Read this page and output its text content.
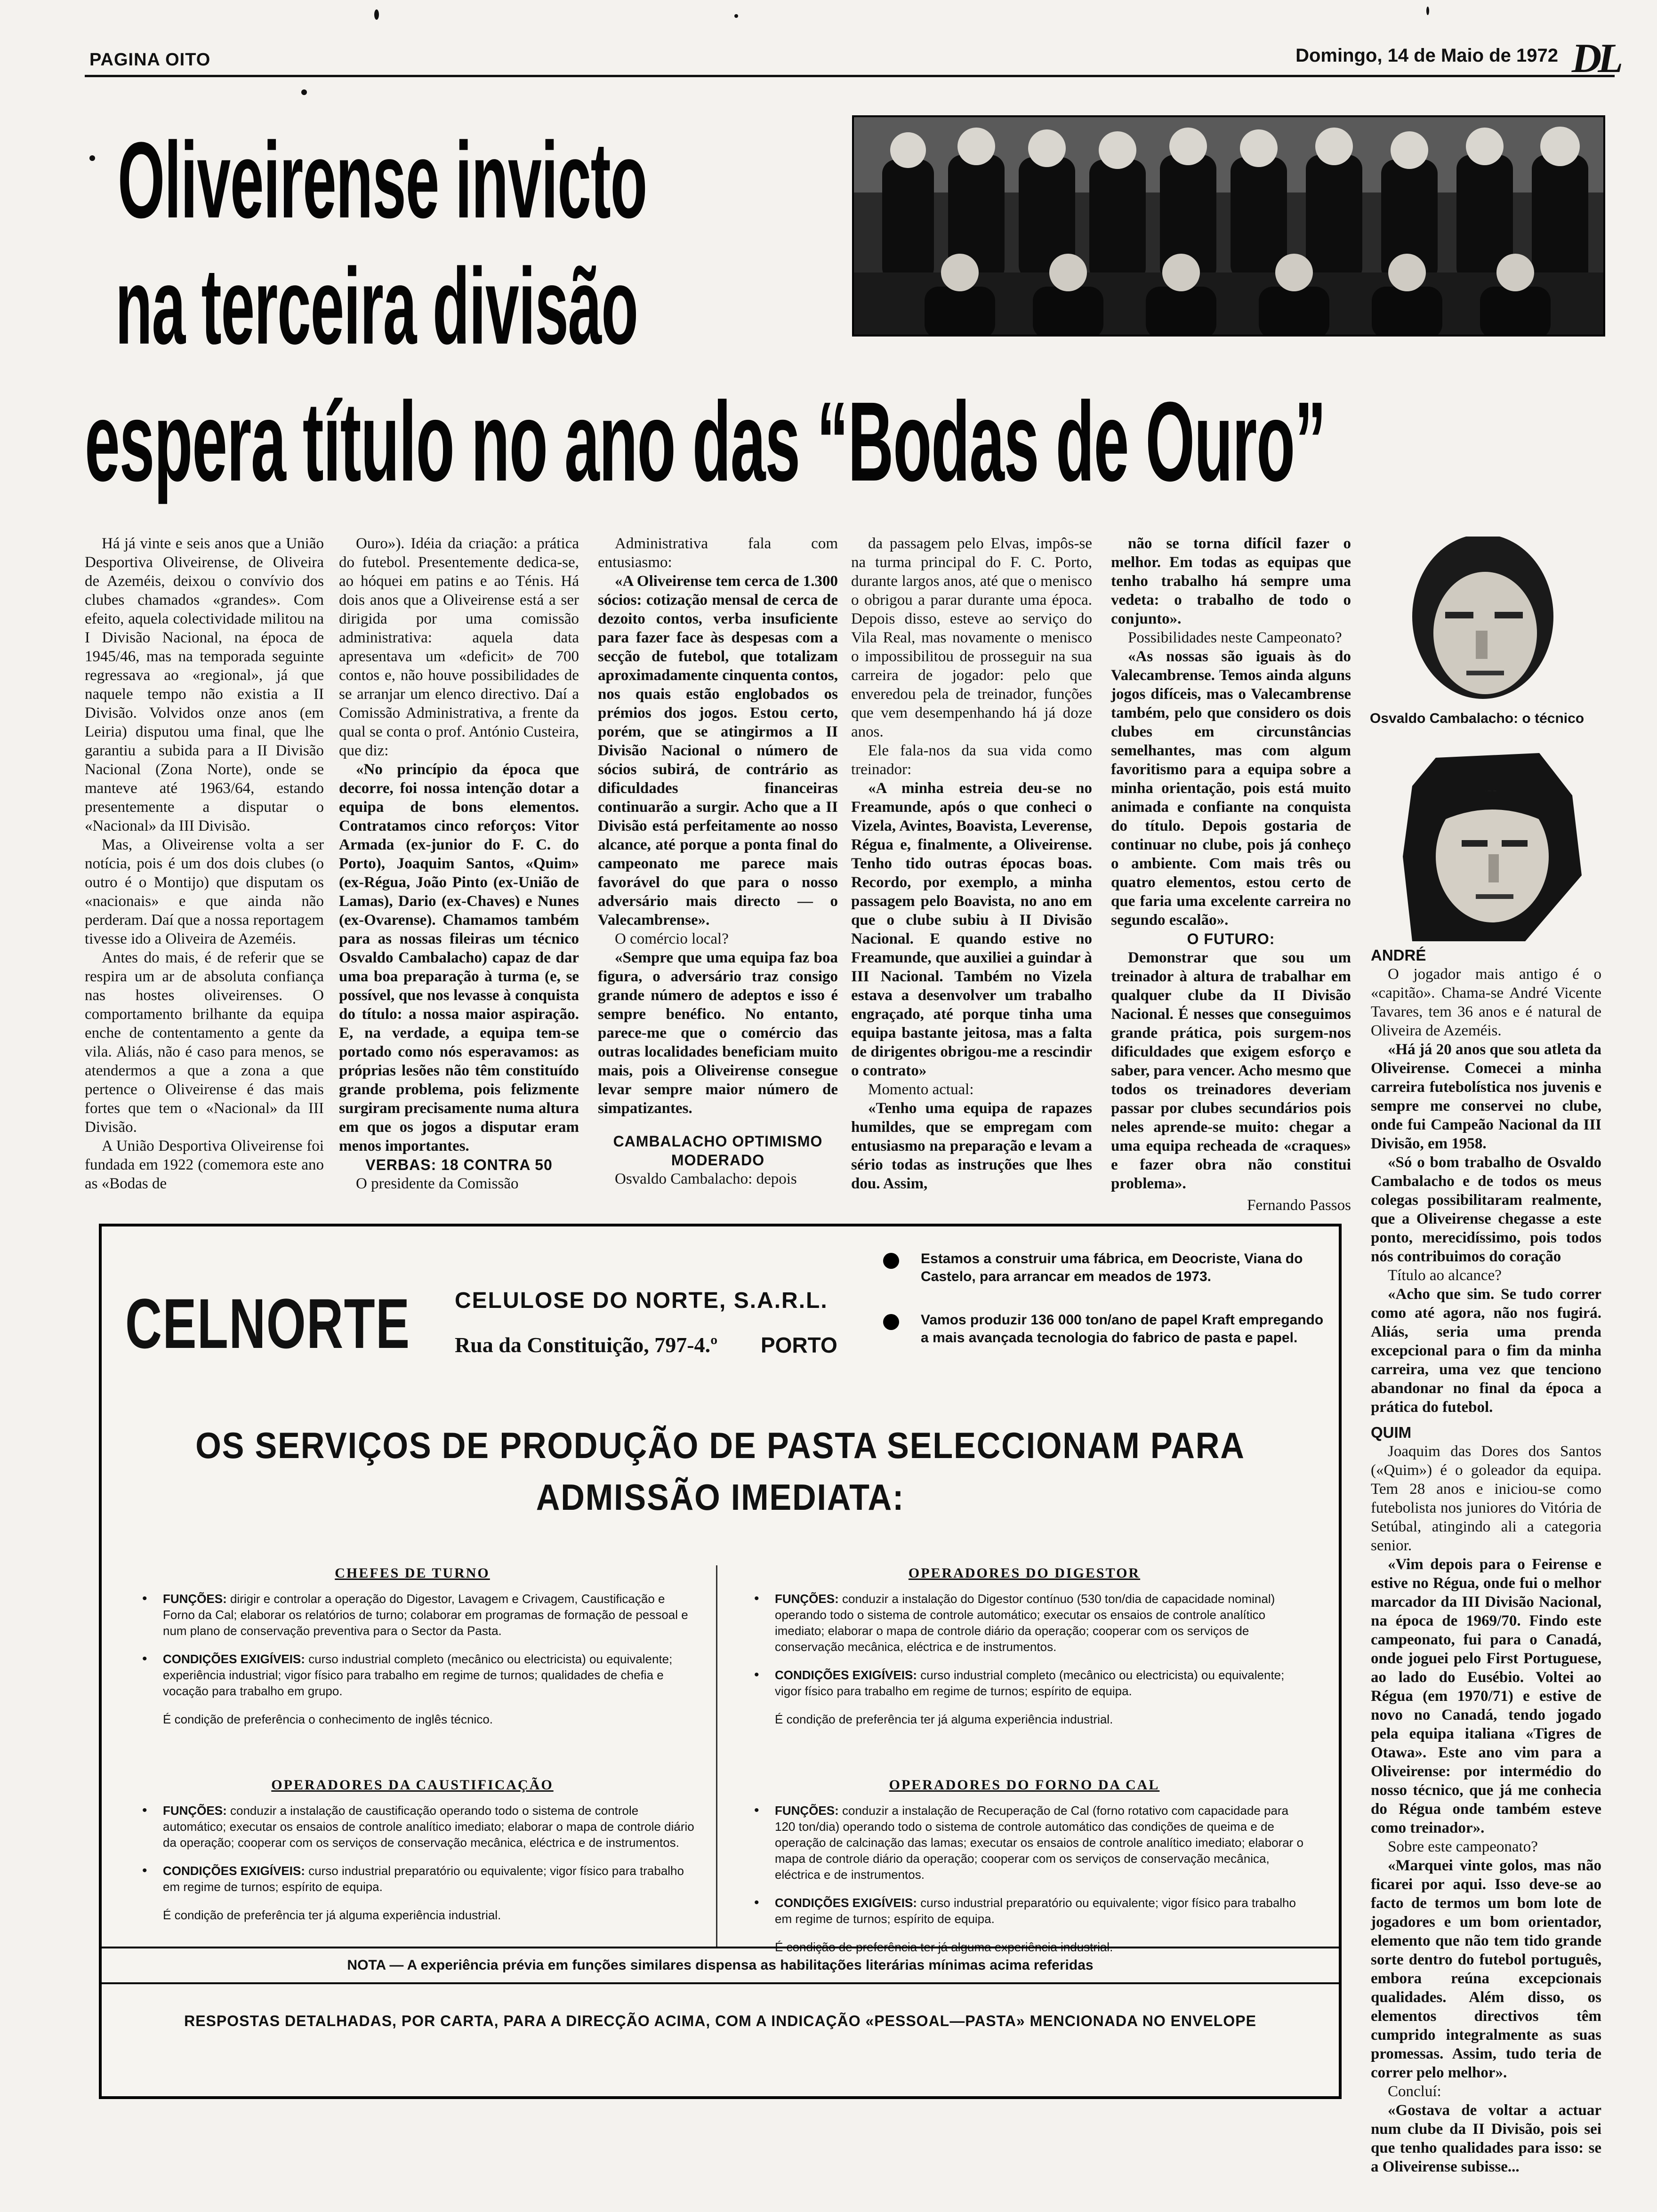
PAGINA OITO	Domingo, 14 de Maio de 1972 DL
Oliveirense invicto
na terceira divisão
espera título no ano das “Bodas de Ouro”

Há já vinte e seis anos que a União Desportiva Oliveirense, de Oliveira de Azeméis, deixou o convívio dos clubes chamados «grandes». Com efeito, aquela colectividade militou na I Divisão Nacional, na época de 1945/46, mas na temporada seguinte regressava ao «regional», já que naquele tempo não existia a II Divisão. Volvidos onze anos (em Leiria) disputou uma final, que lhe garantiu a subida para a II Divisão Nacional (Zona Norte), onde se manteve até 1963/64, estando presentemente a disputar o «Nacional» da III Divisão.

Mas, a Oliveirense volta a ser notícia, pois é um dos dois clubes (o outro é o Montijo) que disputam os «nacionais» e que ainda não perderam. Daí que a nossa reportagem tivesse ido a Oliveira de Azeméis.

Antes do mais, é de referir que se respira um ar de absoluta confiança nas hostes oliveirenses. O comportamento brilhante da equipa enche de contentamento a gente da vila. Aliás, não é caso para menos, se atendermos a que a zona a que pertence o Oliveirense é das mais fortes que tem o «Nacional» da III Divisão.

A União Desportiva Oliveirense foi fundada em 1922 (comemora este ano as «Bodas de

Ouro»). Idéia da criação: a prática do futebol. Presentemente dedica-se, ao hóquei em patins e ao Ténis. Há dois anos que a Oliveirense está a ser dirigida por uma comissão administrativa: aquela data apresentava um «deficit» de 700 contos e, não houve possibilidades de se arranjar um elenco directivo. Daí a Comissão Administrativa, a frente da qual se conta o prof. António Custeira, que diz:

«No princípio da época que decorre, foi nossa intenção dotar a equipa de bons elementos. Contratamos cinco reforços: Vitor Armada (ex-junior do F. C. do Porto), Joaquim Santos, «Quim» (ex-Régua, João Pinto (ex-União de Lamas), Dario (ex-Chaves) e Nunes (ex-Ovarense). Chamamos também para as nossas fileiras um técnico Osvaldo Cambalacho) capaz de dar uma boa preparação à turma (e, se possível, que nos levasse à conquista do título: a nossa maior aspiração. E, na verdade, a equipa tem-se portado como nós esperavamos: as próprias lesões não têm constituído grande problema, pois felizmente surgiram precisamente numa altura em que os jogos a disputar eram menos importantes.

VERBAS: 18 CONTRA 50

O presidente da Comissão

Administrativa fala com entusiasmo:

«A Oliveirense tem cerca de 1.300 sócios: cotização mensal de cerca de dezoito contos, verba insuficiente para fazer face às despesas com a secção de futebol, que totalizam aproximadamente cinquenta contos, nos quais estão englobados os prémios dos jogos. Estou certo, porém, que se atingirmos a II Divisão Nacional o número de sócios subirá, de contrário as dificuldades financeiras continuarão a surgir. Acho que a II Divisão está perfeitamente ao nosso alcance, até porque a ponta final do campeonato me parece mais favorável do que para o nosso adversário mais directo — o Valecambrense».

O comércio local?

«Sempre que uma equipa faz boa figura, o adversário traz consigo grande número de adeptos e isso é sempre benéfico. No entanto, parece-me que o comércio das outras localidades beneficiam muito mais, pois a Oliveirense consegue levar sempre maior número de simpatizantes.

CAMBALACHO OPTIMISMO MODERADO

Osvaldo Cambalacho: depois

da passagem pelo Elvas, impôs-se na turma principal do F. C. Porto, durante largos anos, até que o menisco o obrigou a parar durante uma época. Depois disso, esteve ao serviço do Vila Real, mas novamente o menisco o impossibilitou de prosseguir na sua carreira de jogador: pelo que enveredou pela de treinador, funções que vem desempenhando há já doze anos.

Ele fala-nos da sua vida como treinador:

«A minha estreia deu-se no Freamunde, após o que conheci o Vizela, Avintes, Boavista, Leverense, Régua e, finalmente, a Oliveirense. Tenho tido outras épocas boas. Recordo, por exemplo, a minha passagem pelo Boavista, no ano em que o clube subiu à II Divisão Nacional. E quando estive no Freamunde, que auxiliei a guindar à III Nacional. Também no Vizela estava a desenvolver um trabalho engraçado, até porque tinha uma equipa bastante jeitosa, mas a falta de dirigentes obrigou-me a rescindir o contrato»

Momento actual:

«Tenho uma equipa de rapazes humildes, que se empregam com entusiasmo na preparação e levam a sério todas as instruções que lhes dou. Assim,

não se torna difícil fazer o melhor. Em todas as equipas que tenho trabalho há sempre uma vedeta: o trabalho de todo o conjunto».

Possibilidades neste Campeonato?

«As nossas são iguais às do Valecambrense. Temos ainda alguns jogos difíceis, mas o Valecambrense também, pelo que considero os dois clubes em circunstâncias semelhantes, mas com algum favoritismo para a equipa sobre a minha orientação, pois está muito animada e confiante na conquista do título. Depois gostaria de continuar no clube, pois já conheço o ambiente. Com mais três ou quatro elementos, estou certo de que faria uma excelente carreira no segundo escalão».

O FUTURO:

Demonstrar que sou um treinador à altura de trabalhar em qualquer clube da II Divisão Nacional. É nesses que conseguimos grande prática, pois surgem-nos dificuldades que exigem esforço e saber, para vencer. Acho mesmo que todos os treinadores deveriam passar por clubes secundários pois neles aprende-se muito: chegar a uma equipa recheada de «craques» e fazer obra não constitui problema».

Fernando Passos

Osvaldo Cambalacho: o técnico

ANDRÉ

O jogador mais antigo é o «capitão». Chama-se André Vicente Tavares, tem 36 anos e é natural de Oliveira de Azeméis.

«Há já 20 anos que sou atleta da Oliveirense. Comecei a minha carreira futebolística nos juvenis e sempre me conservei no clube, onde fui Campeão Nacional da III Divisão, em 1958.

«Só o bom trabalho de Osvaldo Cambalacho e de todos os meus colegas possibilitaram realmente, que a Oliveirense chegasse a este ponto, merecidíssimo, pois todos nós contribuimos do coração

Título ao alcance?

«Acho que sim. Se tudo correr como até agora, não nos fugirá. Aliás, seria uma prenda excepcional para o fim da minha carreira, uma vez que tenciono abandonar no final da época a prática do futebol.

QUIM

Joaquim das Dores dos Santos («Quim») é o goleador da equipa. Tem 28 anos e iniciou-se como futebolista nos juniores do Vitória de Setúbal, atingindo ali a categoria senior.

«Vim depois para o Feirense e estive no Régua, onde fui o melhor marcador da III Divisão Nacional, na época de 1969/70. Findo este campeonato, fui para o Canadá, onde joguei pelo First Portuguese, ao lado do Eusébio. Voltei ao Régua (em 1970/71) e estive de novo no Canadá, tendo jogado pela equipa italiana «Tigres de Otawa». Este ano vim para a Oliveirense: por intermédio do nosso técnico, que já me conhecia do Régua onde também esteve como treinador».

Sobre este campeonato?

«Marquei vinte golos, mas não ficarei por aqui. Isso deve-se ao facto de termos um bom lote de jogadores e um bom orientador, elemento que não tem tido grande sorte dentro do futebol português, embora reúna excepcionais qualidades. Além disso, os elementos directivos têm cumprido integralmente as suas promessas. Assim, tudo teria de correr pelo melhor».

Concluí:

«Gostava de voltar a actuar num clube da II Divisão, pois sei que tenho qualidades para isso: se a Oliveirense subisse...

CELNORTE CELULOSE DO NORTE, S.A.R.L.
Rua da Constituição, 797-4.º PORTO
Estamos a construir uma fábrica, em Deocriste, Viana do Castelo, para arrancar em meados de 1973.
Vamos produzir 136 000 ton/ano de papel Kraft empregando a mais avançada tecnologia do fabrico de pasta e papel.
OS SERVIÇOS DE PRODUÇÃO DE PASTA SELECCIONAM PARA
ADMISSÃO IMEDIATA:
CHEFES DE TURNO
• FUNÇÕES: dirigir e controlar a operação do Digestor, Lavagem e Crivagem, Caustificação e Forno da Cal; elaborar os relatórios de turno; colaborar em programas de formação de pessoal e num plano de conservação preventiva para o Sector da Pasta.
• CONDIÇÕES EXIGÍVEIS: curso industrial completo (mecânico ou electricista) ou equivalente; experiência industrial; vigor físico para trabalho em regime de turnos; qualidades de chefia e vocação para trabalho em grupo.
É condição de preferência o conhecimento de inglês técnico.
OPERADORES DO DIGESTOR
• FUNÇÕES: conduzir a instalação do Digestor contínuo (530 ton/dia de capacidade nominal) operando todo o sistema de controle automático; executar os ensaios de controle analítico imediato; elaborar o mapa de controle diário da operação; cooperar com os serviços de conservação mecânica, eléctrica e de instrumentos.
• CONDIÇÕES EXIGÍVEIS: curso industrial completo (mecânico ou electricista) ou equivalente; vigor físico para trabalho em regime de turnos; espírito de equipa.
É condição de preferência ter já alguma experiência industrial.
OPERADORES DA CAUSTIFICAÇÃO
• FUNÇÕES: conduzir a instalação de caustificação operando todo o sistema de controle automático; executar os ensaios de controle analítico imediato; elaborar o mapa de controle diário da operação; cooperar com os serviços de conservação mecânica, eléctrica e de instrumentos.
• CONDIÇÕES EXIGÍVEIS: curso industrial preparatório ou equivalente; vigor físico para trabalho em regime de turnos; espírito de equipa.
É condição de preferência ter já alguma experiência industrial.
OPERADORES DO FORNO DA CAL
• FUNÇÕES: conduzir a instalação de Recuperação de Cal (forno rotativo com capacidade para 120 ton/dia) operando todo o sistema de controle automático das condições de queima e de operação de calcinação das lamas; executar os ensaios de controle analítico imediato; elaborar o mapa de controle diário da operação; cooperar com os serviços de conservação mecânica, eléctrica e de instrumentos.
• CONDIÇÕES EXIGÍVEIS: curso industrial preparatório ou equivalente; vigor físico para trabalho em regime de turnos; espírito de equipa.
É condição de preferência ter já alguma experiência industrial.
NOTA — A experiência prévia em funções similares dispensa as habilitações literárias mínimas acima referidas
RESPOSTAS DETALHADAS, POR CARTA, PARA A DIRECÇÃO ACIMA, COM A INDICAÇÃO «PESSOAL—PASTA» MENCIONADA NO ENVELOPE
